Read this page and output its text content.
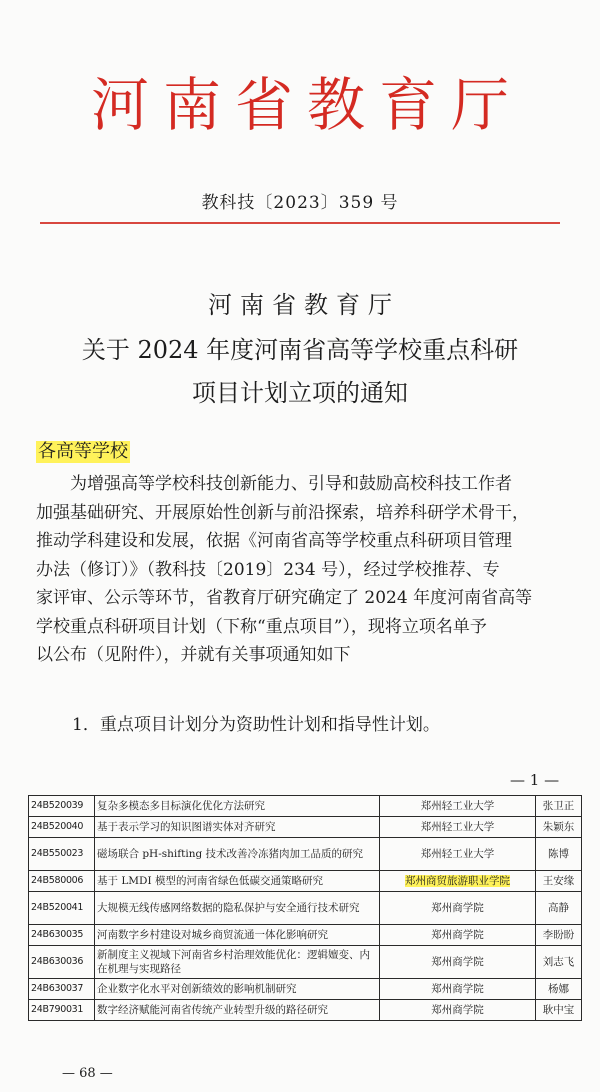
河南省教育厅
教科技〔2023〕359 号
河南省教育厅
关于 2024 年度河南省高等学校重点科研
项目计划立项的通知
各高等学校
　　为增强高等学校科技创新能力、引导和鼓励高校科技工作者
加强基础研究、开展原始性创新与前沿探索，培养科研学术骨干，
推动学科建设和发展，依据《河南省高等学校重点科研项目管理
办法（修订）》（教科技〔2019〕234 号），经过学校推荐、专
家评审、公示等环节，省教育厅研究确定了 2024 年度河南省高等
学校重点科研项目计划（下称“重点项目”），现将立项名单予
以公布（见附件），并就有关事项通知如下
1．重点项目计划分为资助性计划和指导性计划。
— 1 —
24B520039	复杂多模态多目标演化优化方法研究	郑州轻工业大学	张卫正
24B520040	基于表示学习的知识图谱实体对齐研究	郑州轻工业大学	朱颖东
24B550023	磁场联合 pH-shifting 技术改善冷冻猪肉加工品质的研究	郑州轻工业大学	陈博
24B580006	基于 LMDI 模型的河南省绿色低碳交通策略研究	郑州商贸旅游职业学院	王安缘
24B520041	大规模无线传感网络数据的隐私保护与安全通行技术研究	郑州商学院	高静
24B630035	河南数字乡村建设对城乡商贸流通一体化影响研究	郑州商学院	李盼盼
24B630036	新制度主义视域下河南省乡村治理效能优化：逻辑嬗变、内在机理与实现路径	郑州商学院	刘志飞
24B630037	企业数字化水平对创新绩效的影响机制研究	郑州商学院	杨娜
24B790031	数字经济赋能河南省传统产业转型升级的路径研究	郑州商学院	耿中宝
— 68 —
